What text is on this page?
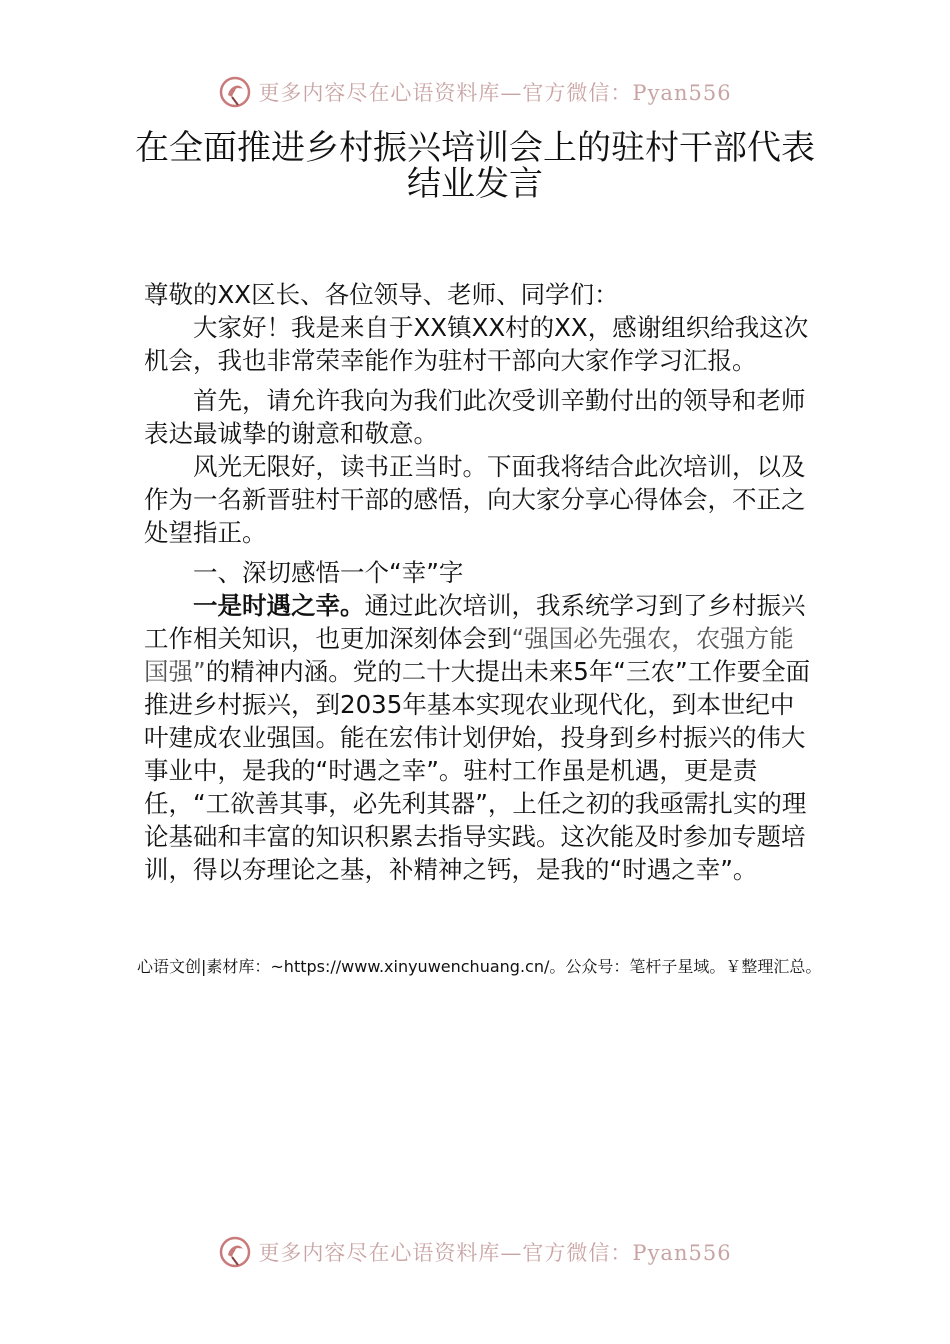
更多内容尽在心语资料库—官方微信：Pyan556
在全面推进乡村振兴培训会上的驻村干部代表结业发言

尊敬的XX区长、各位领导、老师、同学们：

大家好！我是来自于XX镇XX村的XX，感谢组织给我这次机会，我也非常荣幸能作为驻村干部向大家作学习汇报。

首先，请允许我向为我们此次受训辛勤付出的领导和老师表达最诚挚的谢意和敬意。

风光无限好，读书正当时。下面我将结合此次培训，以及作为一名新晋驻村干部的感悟，向大家分享心得体会，不正之处望指正。

一、深切感悟一个“幸”字

一是时遇之幸。通过此次培训，我系统学习到了乡村振兴工作相关知识，也更加深刻体会到“强国必先强农，农强方能国强”的精神内涵。党的二十大提出未来5年“三农”工作要全面推进乡村振兴，到2035年基本实现农业现代化，到本世纪中叶建成农业强国。能在宏伟计划伊始，投身到乡村振兴的伟大事业中，是我的“时遇之幸”。驻村工作虽是机遇，更是责任，“工欲善其事，必先利其器”，上任之初的我亟需扎实的理论基础和丰富的知识积累去指导实践。这次能及时参加专题培训，得以夯理论之基，补精神之钙，是我的“时遇之幸”。

心语文创|素材库：~https://www.xinyuwenchuang.cn/。公众号：笔杆子星域。￥整理汇总。
更多内容尽在心语资料库—官方微信：Pyan556
